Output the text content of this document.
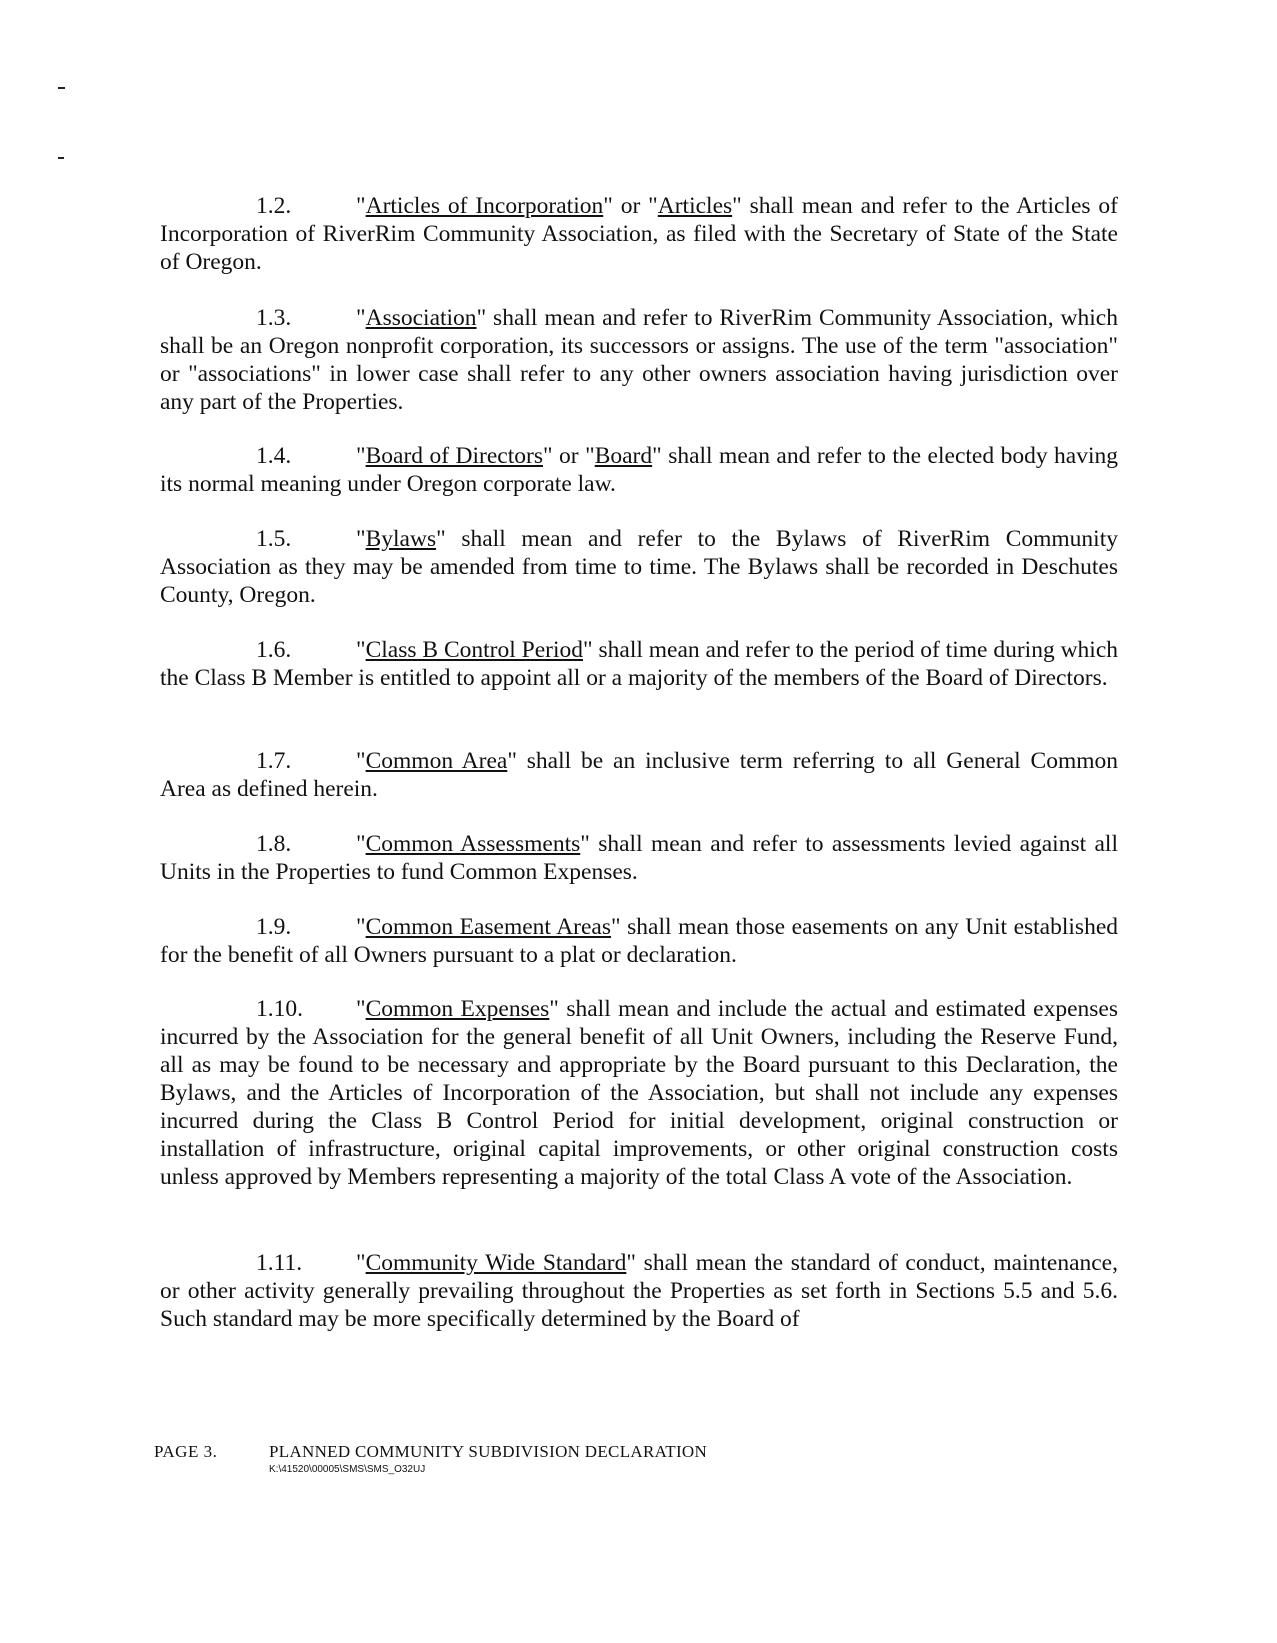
1.2.	"Articles of Incorporation" or "Articles" shall mean and refer to the Articles of Incorporation of RiverRim Community Association, as filed with the Secretary of State of the State of Oregon.
1.3.	"Association" shall mean and refer to RiverRim Community Association, which shall be an Oregon nonprofit corporation, its successors or assigns. The use of the term "association" or "associations" in lower case shall refer to any other owners association having jurisdiction over any part of the Properties.
1.4.	"Board of Directors" or "Board" shall mean and refer to the elected body having its normal meaning under Oregon corporate law.
1.5.	"Bylaws" shall mean and refer to the Bylaws of RiverRim Community Association as they may be amended from time to time. The Bylaws shall be recorded in Deschutes County, Oregon.
1.6.	"Class B Control Period" shall mean and refer to the period of time during which the Class B Member is entitled to appoint all or a majority of the members of the Board of Directors.
1.7.	"Common Area" shall be an inclusive term referring to all General Common Area as defined herein.
1.8.	"Common Assessments" shall mean and refer to assessments levied against all Units in the Properties to fund Common Expenses.
1.9.	"Common Easement Areas" shall mean those easements on any Unit established for the benefit of all Owners pursuant to a plat or declaration.
1.10. "Common Expenses" shall mean and include the actual and estimated expenses incurred by the Association for the general benefit of all Unit Owners, including the Reserve Fund, all as may be found to be necessary and appropriate by the Board pursuant to this Declaration, the Bylaws, and the Articles of Incorporation of the Association, but shall not include any expenses incurred during the Class B Control Period for initial development, original construction or installation of infrastructure, original capital improvements, or other original construction costs unless approved by Members representing a majority of the total Class A vote of the Association.
1.11. "Community Wide Standard" shall mean the standard of conduct, maintenance, or other activity generally prevailing throughout the Properties as set forth in Sections 5.5 and 5.6. Such standard may be more specifically determined by the Board of
PAGE 3.	PLANNED COMMUNITY SUBDIVISION DECLARATION
K:\41520\00005\SMS\SMS_O32UJ
